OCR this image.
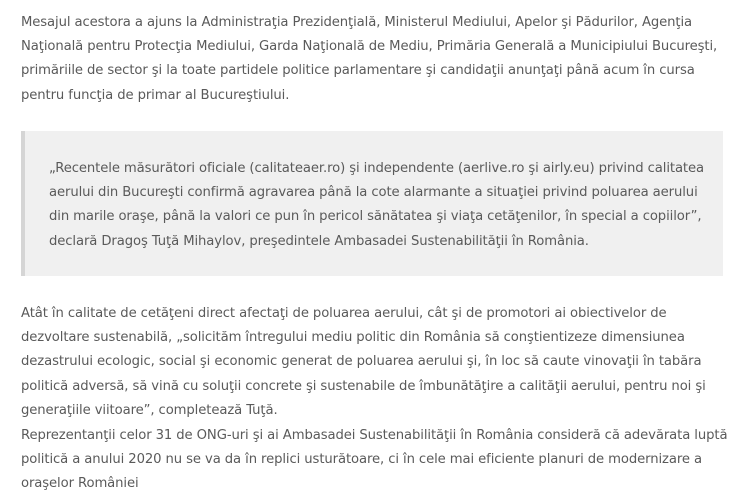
Mesajul acestora a ajuns la Administraţia Prezidenţială, Ministerul Mediului, Apelor şi Pădurilor, Agenţia Naţională pentru Protecţia Mediului, Garda Naţională de Mediu, Primăria Generală a Municipiului Bucureşti, primăriile de sector şi la toate partidele politice parlamentare şi candidaţii anunţaţi până acum în cursa pentru funcţia de primar al Bucureştiului.

„Recentele măsurători oficiale (calitateaer.ro) şi independente (aerlive.ro şi airly.eu) privind calitatea aerului din Bucureşti confirmă agravarea până la cote alarmante a situaţiei privind poluarea aerului din marile oraşe, până la valori ce pun în pericol sănătatea şi viaţa cetăţenilor, în special a copiilor”, declară Dragoş Tuţă Mihaylov, preşedintele Ambasadei Sustenabilităţii în România.

Atât în calitate de cetăţeni direct afectaţi de poluarea aerului, cât şi de promotori ai obiectivelor de dezvoltare sustenabilă, „solicităm întregului mediu politic din România să conştientizeze dimensiunea dezastrului ecologic, social şi economic generat de poluarea aerului şi, în loc să caute vinovaţii în tabăra politică adversă, să vină cu soluţii concrete şi sustenabile de îmbunătăţire a calităţii aerului, pentru noi şi generaţiile viitoare”, completează Tuţă.

Reprezentanţii celor 31 de ONG-uri şi ai Ambasadei Sustenabilităţii în România consideră că adevărata luptă politică a anului 2020 nu se va da în replici usturătoare, ci în cele mai eficiente planuri de modernizare a oraşelor României
